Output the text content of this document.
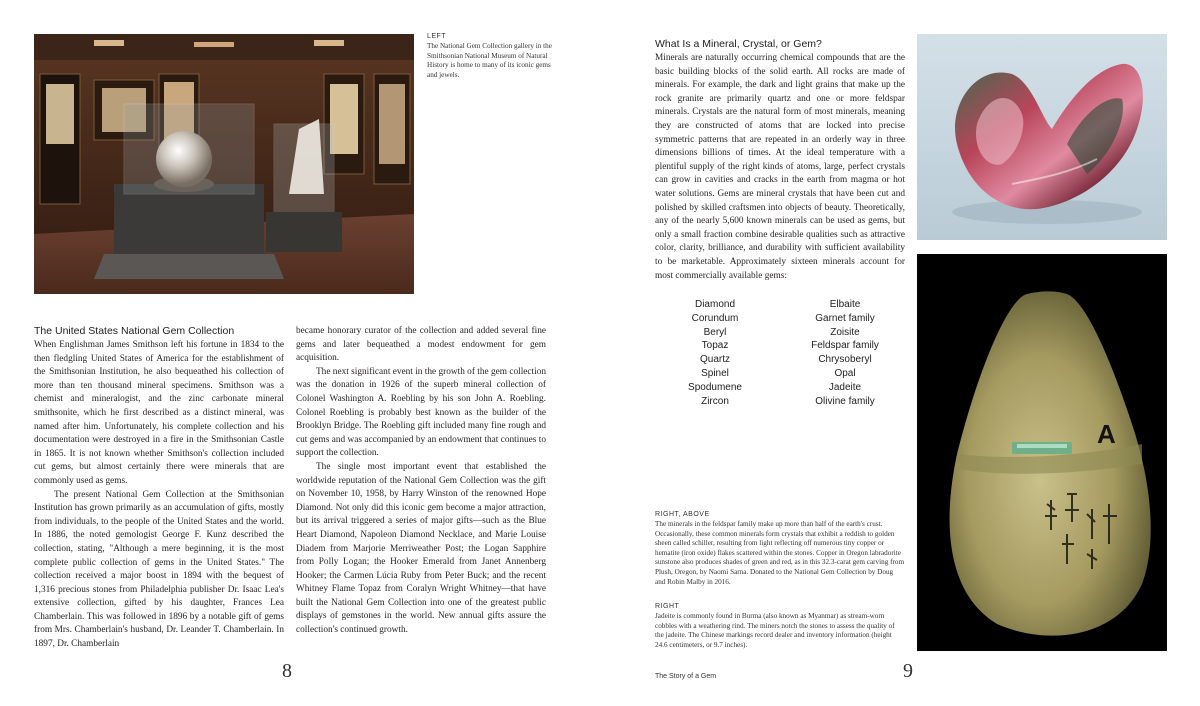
LEFT
The National Gem Collection gallery in the Smithsonian National Museum of Natural History is home to many of its iconic gems and jewels.
The United States National Gem Collection

When Englishman James Smithson left his fortune in 1834 to the then fledgling United States of America for the establishment of the Smithsonian Institution, he also bequeathed his collection of more than ten thousand mineral specimens. Smithson was a chemist and mineralogist, and the zinc carbonate mineral smithsonite, which he first described as a distinct mineral, was named after him. Unfortunately, his complete collection and his documentation were destroyed in a fire in the Smithsonian Castle in 1865. It is not known whether Smithson's collection included cut gems, but almost certainly there were minerals that are commonly used as gems.

The present National Gem Collection at the Smithsonian Institution has grown primarily as an accumulation of gifts, mostly from individuals, to the people of the United States and the world. In 1886, the noted gemologist George F. Kunz described the collection, stating, "Although a mere beginning, it is the most complete public collection of gems in the United States." The collection received a major boost in 1894 with the bequest of 1,316 precious stones from Philadelphia publisher Dr. Isaac Lea's extensive collection, gifted by his daughter, Frances Lea Chamberlain. This was followed in 1896 by a notable gift of gems from Mrs. Chamberlain's husband, Dr. Leander T. Chamberlain. In 1897, Dr. Chamberlain

became honorary curator of the collection and added several fine gems and later bequeathed a modest endowment for gem acquisition.

The next significant event in the growth of the gem collection was the donation in 1926 of the superb mineral collection of Colonel Washington A. Roebling by his son John A. Roebling. Colonel Roebling is probably best known as the builder of the Brooklyn Bridge. The Roebling gift included many fine rough and cut gems and was accompanied by an endowment that continues to support the collection.

The single most important event that established the worldwide reputation of the National Gem Collection was the gift on November 10, 1958, by Harry Winston of the renowned Hope Diamond. Not only did this iconic gem become a major attraction, but its arrival triggered a series of major gifts—such as the Blue Heart Diamond, Napoleon Diamond Necklace, and Marie Louise Diadem from Marjorie Merriweather Post; the Logan Sapphire from Polly Logan; the Hooker Emerald from Janet Annenberg Hooker; the Carmen Lúcia Ruby from Peter Buck; and the recent Whitney Flame Topaz from Coralyn Wright Whitney—that have built the National Gem Collection into one of the greatest public displays of gemstones in the world. New annual gifts assure the collection's continued growth.

8
What Is a Mineral, Crystal, or Gem?

Minerals are naturally occurring chemical compounds that are the basic building blocks of the solid earth. All rocks are made of minerals. For example, the dark and light grains that make up the rock granite are primarily quartz and one or more feldspar minerals. Crystals are the natural form of most minerals, meaning they are constructed of atoms that are locked into precise symmetric patterns that are repeated in an orderly way in three dimensions billions of times. At the ideal temperature with a plentiful supply of the right kinds of atoms, large, perfect crystals can grow in cavities and cracks in the earth from magma or hot water solutions. Gems are mineral crystals that have been cut and polished by skilled craftsmen into objects of beauty. Theoretically, any of the nearly 5,600 known minerals can be used as gems, but only a small fraction combine desirable qualities such as attractive color, clarity, brilliance, and durability with sufficient availability to be marketable. Approximately sixteen minerals account for most commercially available gems:

Diamond
Corundum
Beryl
Topaz
Quartz
Spinel
Spodumene
Zircon
Elbaite
Garnet family
Zoisite
Feldspar family
Chrysoberyl
Opal
Jadeite
Olivine family
A
RIGHT, ABOVE
The minerals in the feldspar family make up more than half of the earth's crust. Occasionally, these common minerals form crystals that exhibit a reddish to golden sheen called schiller, resulting from light reflecting off numerous tiny copper or hematite (iron oxide) flakes scattered within the stones. Copper in Oregon labradorite sunstone also produces shades of green and red, as in this 32.3-carat gem carving from Plush, Oregon, by Naomi Sarna. Donated to the National Gem Collection by Doug and Robin Malby in 2016.
RIGHT
Jadeite is commonly found in Burma (also known as Myanmar) as stream-worn cobbles with a weathering rind. The miners notch the stones to assess the quality of the jadeite. The Chinese markings record dealer and inventory information (height 24.6 centimeters, or 9.7 inches).
The Story of a Gem	9
